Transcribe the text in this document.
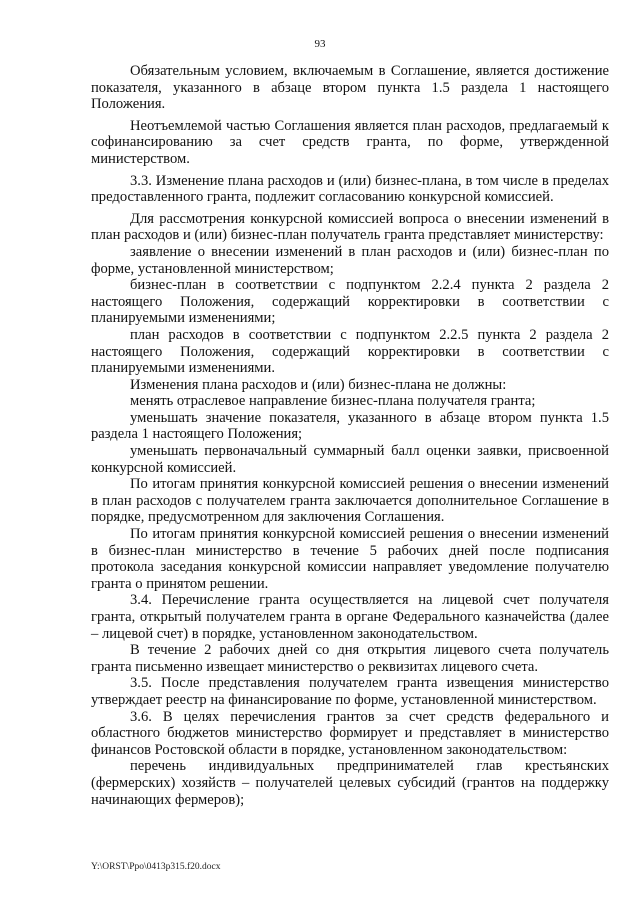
93

Обязательным условием, включаемым в Соглашение, является достижение показателя, указанного в абзаце втором пункта 1.5 раздела 1 настоящего Положения.

Неотъемлемой частью Соглашения является план расходов, предлагаемый к софинансированию за счет средств гранта, по форме, утвержденной министерством.

3.3. Изменение плана расходов и (или) бизнес-плана, в том числе в пределах предоставленного гранта, подлежит согласованию конкурсной комиссией.

Для рассмотрения конкурсной комиссией вопроса о внесении изменений в план расходов и (или) бизнес-план получатель гранта представляет министерству:

заявление о внесении изменений в план расходов и (или) бизнес-план по форме, установленной министерством;

бизнес-план в соответствии с подпунктом 2.2.4 пункта 2 раздела 2 настоящего Положения, содержащий корректировки в соответствии с планируемыми изменениями;

план расходов в соответствии с подпунктом 2.2.5 пункта 2 раздела 2 настоящего Положения, содержащий корректировки в соответствии с планируемыми изменениями.

Изменения плана расходов и (или) бизнес-плана не должны:

менять отраслевое направление бизнес-плана получателя гранта;

уменьшать значение показателя, указанного в абзаце втором пункта 1.5 раздела 1 настоящего Положения;

уменьшать первоначальный суммарный балл оценки заявки, присвоенной конкурсной комиссией.

По итогам принятия конкурсной комиссией решения о внесении изменений в план расходов с получателем гранта заключается дополнительное Соглашение в порядке, предусмотренном для заключения Соглашения.

По итогам принятия конкурсной комиссией решения о внесении изменений в бизнес-план министерство в течение 5 рабочих дней после подписания протокола заседания конкурсной комиссии направляет уведомление получателю гранта о принятом решении.

3.4. Перечисление гранта осуществляется на лицевой счет получателя гранта, открытый получателем гранта в органе Федерального казначейства (далее – лицевой счет) в порядке, установленном законодательством.

В течение 2 рабочих дней со дня открытия лицевого счета получатель гранта письменно извещает министерство о реквизитах лицевого счета.

3.5. После представления получателем гранта извещения министерство утверждает реестр на финансирование по форме, установленной министерством.

3.6. В целях перечисления грантов за счет средств федерального и областного бюджетов министерство формирует и представляет в министерство финансов Ростовской области в порядке, установленном законодательством:

перечень индивидуальных предпринимателей глав крестьянских (фермерских) хозяйств – получателей целевых субсидий (грантов на поддержку начинающих фермеров);

Y:\ORST\Ppo\0413p315.f20.docx
